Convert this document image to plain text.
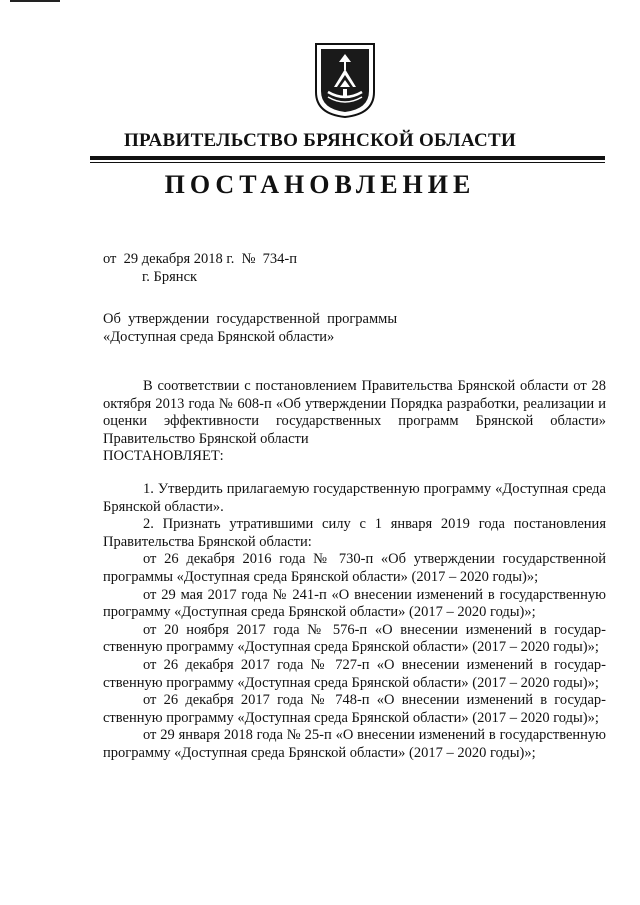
ПРАВИТЕЛЬСТВО БРЯНСКОЙ ОБЛАСТИ
ПОСТАНОВЛЕНИЕ
от  29 декабря 2018 г.  №  734-п
г. Брянск
Об  утверждении  государственной  программы
«Доступная среда Брянской области»

В соответствии с постановлением Правительства Брянской области от 28 октября 2013 года № 608-п «Об утверждении Порядка разработки, реализации и оценки эффективности государственных программ Брянской области» Правительство Брянской области

ПОСТАНОВЛЯЕТ:

1. Утвердить прилагаемую государственную программу «Доступная среда Брянской области».

2. Признать утратившими силу с 1 января 2019 года постановления Правительства Брянской области:

от 26 декабря 2016 года № 730-п «Об утверждении государственной программы «Доступная среда Брянской области» (2017 – 2020 годы)»;

от 29 мая 2017 года № 241-п «О внесении изменений в государственную программу «Доступная среда Брянской области» (2017 – 2020 годы)»;

от 20 ноября 2017 года № 576-п «О внесении изменений в государственную программу «Доступная среда Брянской области» (2017 – 2020 годы)»;

от 26 декабря 2017 года № 727-п «О внесении изменений в государственную программу «Доступная среда Брянской области» (2017 – 2020 годы)»;

от 26 декабря 2017 года № 748-п «О внесении изменений в государственную программу «Доступная среда Брянской области» (2017 – 2020 годы)»;

от 29 января 2018 года № 25-п «О внесении изменений в государственную программу «Доступная среда Брянской области» (2017 – 2020 годы)»;
